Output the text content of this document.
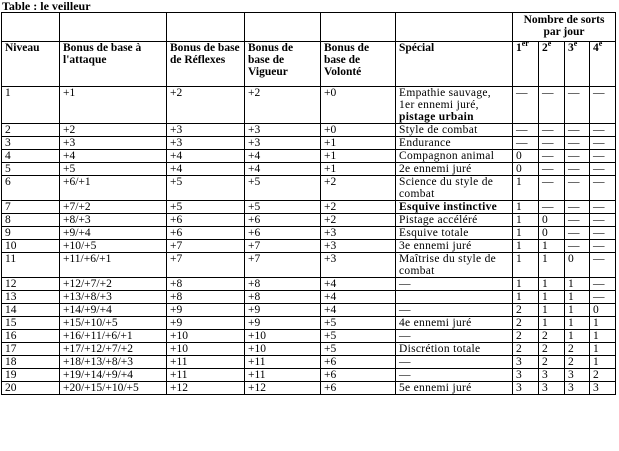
Table : le veilleur
						Nombre de sorts par jour			
Niveau	Bonus de base à l'attaque	Bonus de base de Réflexes	Bonus de base de Vigueur	Bonus de base de Volonté	Spécial	1er	2e	3e	4e
1	+1	+2	+2	+0	Empathie sauvage, 1er ennemi juré, pistage urbain	—	—	—	—
2	+2	+3	+3	+0	Style de combat	—	—	—	—
3	+3	+3	+3	+1	Endurance	—	—	—	—
4	+4	+4	+4	+1	Compagnon animal	0	—	—	—
5	+5	+4	+4	+1	2e ennemi juré	0	—	—	—
6	+6/+1	+5	+5	+2	Science du style de combat	1	—	—	—
7	+7/+2	+5	+5	+2	Esquive instinctive	1	—	—	—
8	+8/+3	+6	+6	+2	Pistage accéléré	1	0	—	—
9	+9/+4	+6	+6	+3	Esquive totale	1	0	—	—
10	+10/+5	+7	+7	+3	3e ennemi juré	1	1	—	—
11	+11/+6/+1	+7	+7	+3	Maîtrise du style de combat	1	1	0	—
12	+12/+7/+2	+8	+8	+4	—	1	1	1	—
13	+13/+8/+3	+8	+8	+4		1	1	1	—
14	+14/+9/+4	+9	+9	+4	—	2	1	1	0
15	+15/+10/+5	+9	+9	+5	4e ennemi juré	2	1	1	1
16	+16/+11/+6/+1	+10	+10	+5	—	2	2	1	1
17	+17/+12/+7/+2	+10	+10	+5	Discrétion totale	2	2	2	1
18	+18/+13/+8/+3	+11	+11	+6	—	3	2	2	1
19	+19/+14/+9/+4	+11	+11	+6	—	3	3	3	2
20	+20/+15/+10/+5	+12	+12	+6	5e ennemi juré	3	3	3	3
